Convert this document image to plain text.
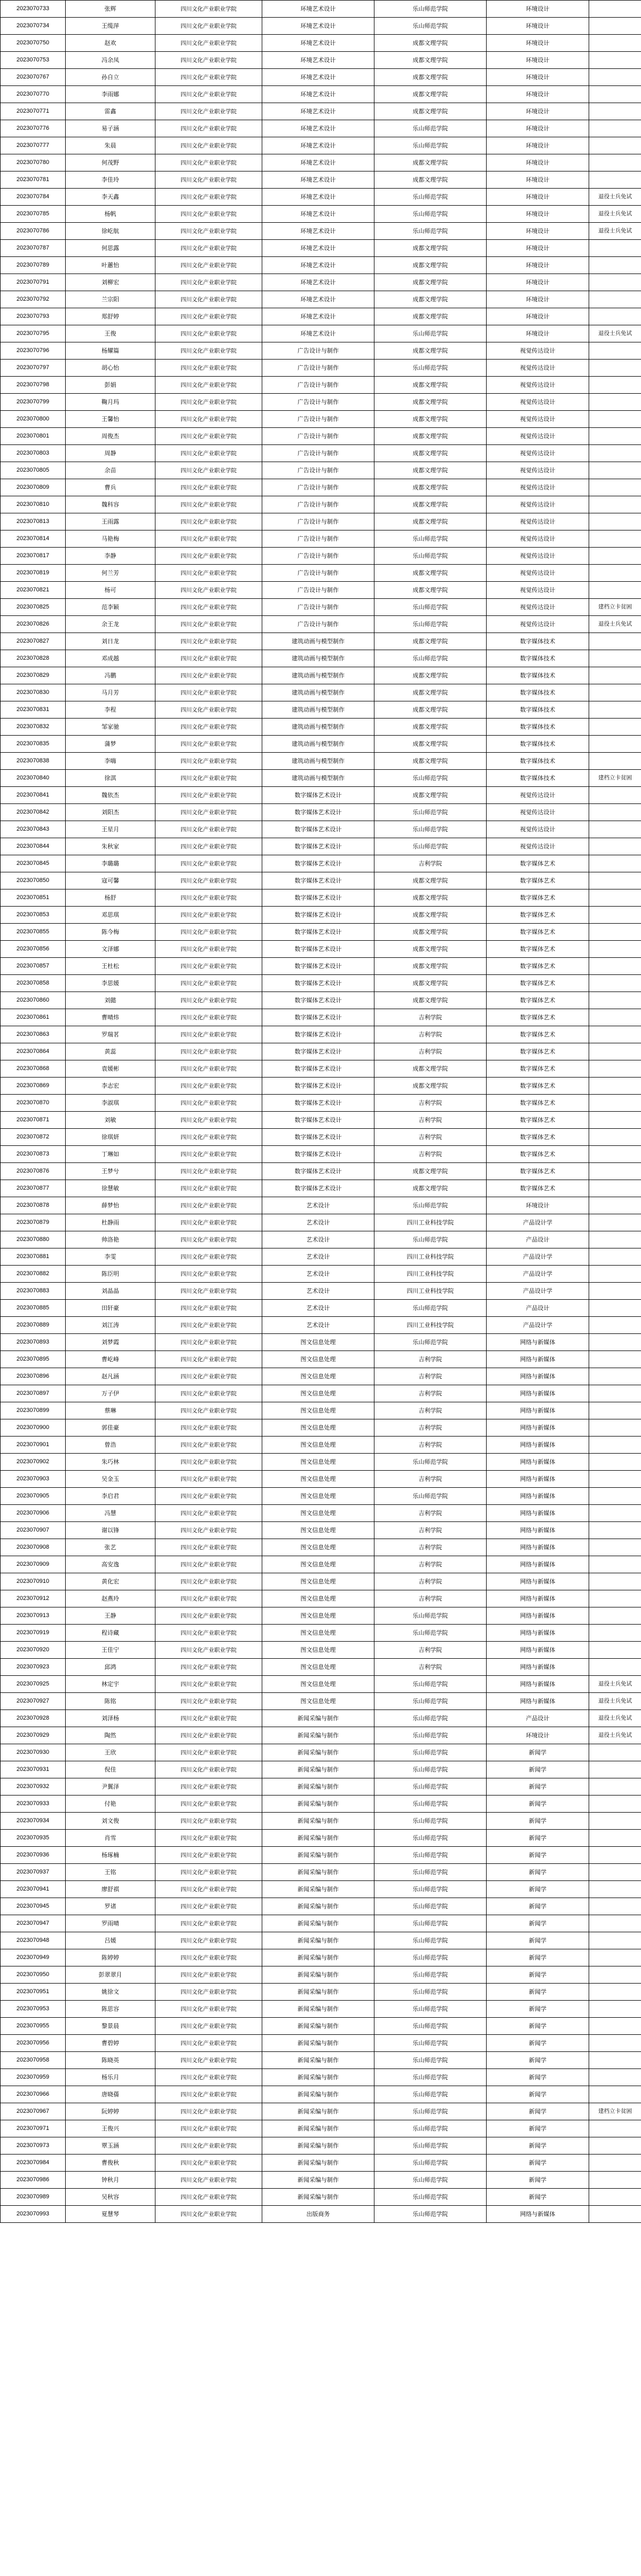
2023070733	张辉	四川文化产业职业学院	环境艺术设计	乐山师范学院	环境设计	
2023070734	王缆萍	四川文化产业职业学院	环境艺术设计	乐山师范学院	环境设计	
2023070750	赵欢	四川文化产业职业学院	环境艺术设计	成都文理学院	环境设计	
2023070753	冯余凤	四川文化产业职业学院	环境艺术设计	成都文理学院	环境设计	
2023070767	孙自立	四川文化产业职业学院	环境艺术设计	成都文理学院	环境设计	
2023070770	李雨娜	四川文化产业职业学院	环境艺术设计	成都文理学院	环境设计	
2023070771	雷鑫	四川文化产业职业学院	环境艺术设计	成都文理学院	环境设计	
2023070776	易子涵	四川文化产业职业学院	环境艺术设计	乐山师范学院	环境设计	
2023070777	朱晨	四川文化产业职业学院	环境艺术设计	乐山师范学院	环境设计	
2023070780	何茂野	四川文化产业职业学院	环境艺术设计	成都文理学院	环境设计	
2023070781	李佳玲	四川文化产业职业学院	环境艺术设计	成都文理学院	环境设计	
2023070784	李天鑫	四川文化产业职业学院	环境艺术设计	乐山师范学院	环境设计	退役士兵免试
2023070785	杨帆	四川文化产业职业学院	环境艺术设计	乐山师范学院	环境设计	退役士兵免试
2023070786	徐屹航	四川文化产业职业学院	环境艺术设计	乐山师范学院	环境设计	退役士兵免试
2023070787	何思露	四川文化产业职业学院	环境艺术设计	成都文理学院	环境设计	
2023070789	叶蕙怡	四川文化产业职业学院	环境艺术设计	成都文理学院	环境设计	
2023070791	刘柳宏	四川文化产业职业学院	环境艺术设计	成都文理学院	环境设计	
2023070792	兰宗阳	四川文化产业职业学院	环境艺术设计	成都文理学院	环境设计	
2023070793	郑舒婷	四川文化产业职业学院	环境艺术设计	成都文理学院	环境设计	
2023070795	王俊	四川文化产业职业学院	环境艺术设计	乐山师范学院	环境设计	退役士兵免试
2023070796	杨耀篇	四川文化产业职业学院	广告设计与制作	成都文理学院	视觉传达设计	
2023070797	胡心怡	四川文化产业职业学院	广告设计与制作	乐山师范学院	视觉传达设计	
2023070798	彭娟	四川文化产业职业学院	广告设计与制作	成都文理学院	视觉传达设计	
2023070799	鞠月玛	四川文化产业职业学院	广告设计与制作	成都文理学院	视觉传达设计	
2023070800	王馨怡	四川文化产业职业学院	广告设计与制作	成都文理学院	视觉传达设计	
2023070801	周俊杰	四川文化产业职业学院	广告设计与制作	成都文理学院	视觉传达设计	
2023070803	周静	四川文化产业职业学院	广告设计与制作	成都文理学院	视觉传达设计	
2023070805	余苗	四川文化产业职业学院	广告设计与制作	成都文理学院	视觉传达设计	
2023070809	曹兵	四川文化产业职业学院	广告设计与制作	成都文理学院	视觉传达设计	
2023070810	魏科容	四川文化产业职业学院	广告设计与制作	成都文理学院	视觉传达设计	
2023070813	王雨露	四川文化产业职业学院	广告设计与制作	成都文理学院	视觉传达设计	
2023070814	马艳梅	四川文化产业职业学院	广告设计与制作	乐山师范学院	视觉传达设计	
2023070817	李静	四川文化产业职业学院	广告设计与制作	乐山师范学院	视觉传达设计	
2023070819	何兰芳	四川文化产业职业学院	广告设计与制作	成都文理学院	视觉传达设计	
2023070821	杨可	四川文化产业职业学院	广告设计与制作	成都文理学院	视觉传达设计	
2023070825	范李颖	四川文化产业职业学院	广告设计与制作	乐山师范学院	视觉传达设计	建档立卡贫困
2023070826	余王龙	四川文化产业职业学院	广告设计与制作	乐山师范学院	视觉传达设计	退役士兵免试
2023070827	刘日龙	四川文化产业职业学院	建筑动画与模型制作	成都文理学院	数字媒体技术	
2023070828	邓成越	四川文化产业职业学院	建筑动画与模型制作	乐山师范学院	数字媒体技术	
2023070829	冯鹏	四川文化产业职业学院	建筑动画与模型制作	成都文理学院	数字媒体技术	
2023070830	马月芳	四川文化产业职业学院	建筑动画与模型制作	成都文理学院	数字媒体技术	
2023070831	李程	四川文化产业职业学院	建筑动画与模型制作	成都文理学院	数字媒体技术	
2023070832	邹家驰	四川文化产业职业学院	建筑动画与模型制作	成都文理学院	数字媒体技术	
2023070835	蒲梦	四川文化产业职业学院	建筑动画与模型制作	成都文理学院	数字媒体技术	
2023070838	李嗨	四川文化产业职业学院	建筑动画与模型制作	成都文理学院	数字媒体技术	
2023070840	徐淇	四川文化产业职业学院	建筑动画与模型制作	乐山师范学院	数字媒体技术	建档立卡贫困
2023070841	魏依杰	四川文化产业职业学院	数字媒体艺术设计	成都文理学院	视觉传达设计	
2023070842	刘阳杰	四川文化产业职业学院	数字媒体艺术设计	乐山师范学院	视觉传达设计	
2023070843	王星月	四川文化产业职业学院	数字媒体艺术设计	乐山师范学院	视觉传达设计	
2023070844	朱秋家	四川文化产业职业学院	数字媒体艺术设计	乐山师范学院	视觉传达设计	
2023070845	李璐璐	四川文化产业职业学院	数字媒体艺术设计	吉利学院	数字媒体艺术	
2023070850	寇可馨	四川文化产业职业学院	数字媒体艺术设计	成都文理学院	数字媒体艺术	
2023070851	杨舒	四川文化产业职业学院	数字媒体艺术设计	成都文理学院	数字媒体艺术	
2023070853	邓思琪	四川文化产业职业学院	数字媒体艺术设计	成都文理学院	数字媒体艺术	
2023070855	陈今梅	四川文化产业职业学院	数字媒体艺术设计	成都文理学院	数字媒体艺术	
2023070856	文泽娜	四川文化产业职业学院	数字媒体艺术设计	成都文理学院	数字媒体艺术	
2023070857	王杜松	四川文化产业职业学院	数字媒体艺术设计	成都文理学院	数字媒体艺术	
2023070858	李思媛	四川文化产业职业学院	数字媒体艺术设计	成都文理学院	数字媒体艺术	
2023070860	刘懿	四川文化产业职业学院	数字媒体艺术设计	成都文理学院	数字媒体艺术	
2023070861	曹晴炜	四川文化产业职业学院	数字媒体艺术设计	吉利学院	数字媒体艺术	
2023070863	罗瑞茗	四川文化产业职业学院	数字媒体艺术设计	吉利学院	数字媒体艺术	
2023070864	黄蕊	四川文化产业职业学院	数字媒体艺术设计	吉利学院	数字媒体艺术	
2023070868	袁媛彬	四川文化产业职业学院	数字媒体艺术设计	成都文理学院	数字媒体艺术	
2023070869	李志宏	四川文化产业职业学院	数字媒体艺术设计	成都文理学院	数字媒体艺术	
2023070870	李淑琪	四川文化产业职业学院	数字媒体艺术设计	吉利学院	数字媒体艺术	
2023070871	刘敏	四川文化产业职业学院	数字媒体艺术设计	吉利学院	数字媒体艺术	
2023070872	徐琪妍	四川文化产业职业学院	数字媒体艺术设计	吉利学院	数字媒体艺术	
2023070873	丁琳如	四川文化产业职业学院	数字媒体艺术设计	吉利学院	数字媒体艺术	
2023070876	王梦兮	四川文化产业职业学院	数字媒体艺术设计	成都文理学院	数字媒体艺术	
2023070877	徐慧敏	四川文化产业职业学院	数字媒体艺术设计	成都文理学院	数字媒体艺术	
2023070878	薛梦怡	四川文化产业职业学院	艺术设计	乐山师范学院	环境设计	
2023070879	杜静雨	四川文化产业职业学院	艺术设计	四川工业科技学院	产品设计学	
2023070880	帅洛艳	四川文化产业职业学院	艺术设计	乐山师范学院	产品设计	
2023070881	李雯	四川文化产业职业学院	艺术设计	四川工业科技学院	产品设计学	
2023070882	陈臣明	四川文化产业职业学院	艺术设计	四川工业科技学院	产品设计学	
2023070883	刘晶晶	四川文化产业职业学院	艺术设计	四川工业科技学院	产品设计学	
2023070885	田轩豪	四川文化产业职业学院	艺术设计	乐山师范学院	产品设计	
2023070889	刘江涛	四川文化产业职业学院	艺术设计	四川工业科技学院	产品设计学	
2023070893	刘梦霞	四川文化产业职业学院	图文信息处理	乐山师范学院	网络与新媒体	
2023070895	曹屹峰	四川文化产业职业学院	图文信息处理	吉利学院	网络与新媒体	
2023070896	赵凡涵	四川文化产业职业学院	图文信息处理	吉利学院	网络与新媒体	
2023070897	万子伊	四川文化产业职业学院	图文信息处理	吉利学院	网络与新媒体	
2023070899	蔡琳	四川文化产业职业学院	图文信息处理	吉利学院	网络与新媒体	
2023070900	郭佳豪	四川文化产业职业学院	图文信息处理	吉利学院	网络与新媒体	
2023070901	曾浩	四川文化产业职业学院	图文信息处理	吉利学院	网络与新媒体	
2023070902	朱巧林	四川文化产业职业学院	图文信息处理	乐山师范学院	网络与新媒体	
2023070903	吴金玉	四川文化产业职业学院	图文信息处理	吉利学院	网络与新媒体	
2023070905	李启君	四川文化产业职业学院	图文信息处理	乐山师范学院	网络与新媒体	
2023070906	冯慧	四川文化产业职业学院	图文信息处理	吉利学院	网络与新媒体	
2023070907	谢以锋	四川文化产业职业学院	图文信息处理	吉利学院	网络与新媒体	
2023070908	张艺	四川文化产业职业学院	图文信息处理	吉利学院	网络与新媒体	
2023070909	高安逸	四川文化产业职业学院	图文信息处理	吉利学院	网络与新媒体	
2023070910	黄化宏	四川文化产业职业学院	图文信息处理	吉利学院	网络与新媒体	
2023070912	赵燕玲	四川文化产业职业学院	图文信息处理	吉利学院	网络与新媒体	
2023070913	王静	四川文化产业职业学院	图文信息处理	乐山师范学院	网络与新媒体	
2023070919	程诗藏	四川文化产业职业学院	图文信息处理	乐山师范学院	网络与新媒体	
2023070920	王佳宁	四川文化产业职业学院	图文信息处理	吉利学院	网络与新媒体	
2023070923	邱鸿	四川文化产业职业学院	图文信息处理	吉利学院	网络与新媒体	
2023070925	林定宇	四川文化产业职业学院	图文信息处理	乐山师范学院	网络与新媒体	退役士兵免试
2023070927	陈铭	四川文化产业职业学院	图文信息处理	乐山师范学院	网络与新媒体	退役士兵免试
2023070928	刘泽杨	四川文化产业职业学院	新闻采编与制作	乐山师范学院	产品设计	退役士兵免试
2023070929	陶然	四川文化产业职业学院	新闻采编与制作	乐山师范学院	环境设计	退役士兵免试
2023070930	王欣	四川文化产业职业学院	新闻采编与制作	乐山师范学院	新闻学	
2023070931	倪佳	四川文化产业职业学院	新闻采编与制作	乐山师范学院	新闻学	
2023070932	尹翼泽	四川文化产业职业学院	新闻采编与制作	乐山师范学院	新闻学	
2023070933	付艳	四川文化产业职业学院	新闻采编与制作	乐山师范学院	新闻学	
2023070934	刘文俊	四川文化产业职业学院	新闻采编与制作	乐山师范学院	新闻学	
2023070935	肖雪	四川文化产业职业学院	新闻采编与制作	乐山师范学院	新闻学	
2023070936	杨琢楠	四川文化产业职业学院	新闻采编与制作	乐山师范学院	新闻学	
2023070937	王铭	四川文化产业职业学院	新闻采编与制作	乐山师范学院	新闻学	
2023070941	廖舒祺	四川文化产业职业学院	新闻采编与制作	乐山师范学院	新闻学	
2023070945	罗诸	四川文化产业职业学院	新闻采编与制作	乐山师范学院	新闻学	
2023070947	罗雨晴	四川文化产业职业学院	新闻采编与制作	乐山师范学院	新闻学	
2023070948	吕媛	四川文化产业职业学院	新闻采编与制作	乐山师范学院	新闻学	
2023070949	陈婷婷	四川文化产业职业学院	新闻采编与制作	乐山师范学院	新闻学	
2023070950	彭翠翠月	四川文化产业职业学院	新闻采编与制作	乐山师范学院	新闻学	
2023070951	姚徐文	四川文化产业职业学院	新闻采编与制作	乐山师范学院	新闻学	
2023070953	陈思容	四川文化产业职业学院	新闻采编与制作	乐山师范学院	新闻学	
2023070955	黎景晨	四川文化产业职业学院	新闻采编与制作	乐山师范学院	新闻学	
2023070956	曹碧婷	四川文化产业职业学院	新闻采编与制作	乐山师范学院	新闻学	
2023070958	陈晓英	四川文化产业职业学院	新闻采编与制作	乐山师范学院	新闻学	
2023070959	杨乐月	四川文化产业职业学院	新闻采编与制作	乐山师范学院	新闻学	
2023070966	唐晓蒨	四川文化产业职业学院	新闻采编与制作	乐山师范学院	新闻学	
2023070967	阮婷婷	四川文化产业职业学院	新闻采编与制作	乐山师范学院	新闻学	建档立卡贫困
2023070971	王俊兴	四川文化产业职业学院	新闻采编与制作	乐山师范学院	新闻学	
2023070973	覃玉涵	四川文化产业职业学院	新闻采编与制作	乐山师范学院	新闻学	
2023070984	曹俊秋	四川文化产业职业学院	新闻采编与制作	乐山师范学院	新闻学	
2023070986	钟秋月	四川文化产业职业学院	新闻采编与制作	乐山师范学院	新闻学	
2023070989	吴秋容	四川文化产业职业学院	新闻采编与制作	乐山师范学院	新闻学	
2023070993	夏慧琴	四川文化产业职业学院	出版商务	乐山师范学院	网络与新媒体	
